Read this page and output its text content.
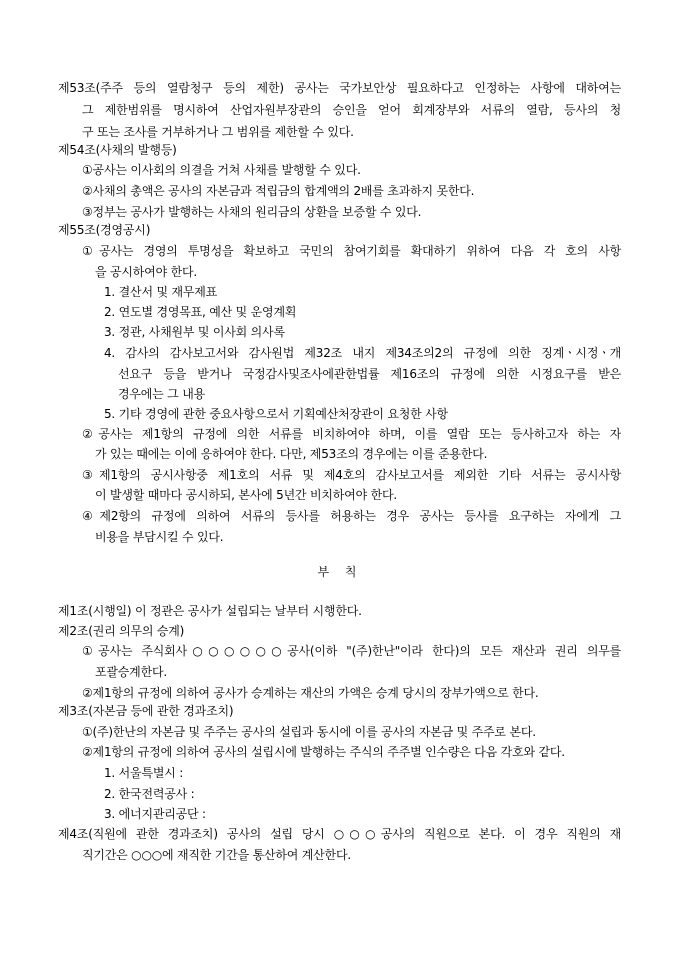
제53조(주주 등의 열람청구 등의 제한) 공사는 국가보안상 필요하다고 인정하는 사항에 대하여는
그 제한범위를 명시하여 산업자원부장관의 승인을 얻어 회계장부와 서류의 열람, 등사의 청
구 또는 조사를 거부하거나 그 범위를 제한할 수 있다.
제54조(사채의 발행등)
①공사는 이사회의 의결을 거쳐 사채를 발행할 수 있다.
②사채의 총액은 공사의 자본금과 적립금의 합계액의 2배를 초과하지 못한다.
③정부는 공사가 발행하는 사채의 원리금의 상환을 보증할 수 있다.
제55조(경영공시)
①공사는 경영의 투명성을 확보하고 국민의 참여기회를 확대하기 위하여 다음 각 호의 사항
을 공시하여야 한다.
1. 결산서 및 재무제표
2. 연도별 경영목표, 예산 및 운영계획
3. 정관, 사채원부 및 이사회 의사록
4. 감사의 감사보고서와 감사원법 제32조 내지 제34조의2의 규정에 의한 징계ㆍ시정ㆍ개
선요구 등을 받거나 국정감사및조사에관한법률 제16조의 규정에 의한 시정요구를 받은
경우에는 그 내용
5. 기타 경영에 관한 중요사항으로서 기획예산처장관이 요청한 사항
②공사는 제1항의 규정에 의한 서류를 비치하여야 하며, 이를 열람 또는 등사하고자 하는 자
가 있는 때에는 이에 응하여야 한다. 다만, 제53조의 경우에는 이를 준용한다.
③제1항의 공시사항중 제1호의 서류 및 제4호의 감사보고서를 제외한 기타 서류는 공시사항
이 발생할 때마다 공시하되, 본사에 5년간 비치하여야 한다.
④제2항의 규정에 의하여 서류의 등사를 허용하는 경우 공사는 등사를 요구하는 자에게 그
비용을 부담시킬 수 있다.
부 칙
제1조(시행일) 이 정관은 공사가 설립되는 날부터 시행한다.
제2조(권리 의무의 승계)
①공사는 주식회사○○○○○○공사(이하 "(주)한난"이라 한다)의 모든 재산과 권리 의무를
포괄승계한다.
②제1항의 규정에 의하여 공사가 승계하는 재산의 가액은 승계 당시의 장부가액으로 한다.
제3조(자본금 등에 관한 경과조치)
①(주)한난의 자본금 및 주주는 공사의 설립과 동시에 이를 공사의 자본금 및 주주로 본다.
②제1항의 규정에 의하여 공사의 설립시에 발행하는 주식의 주주별 인수량은 다음 각호와 같다.
1. 서울특별시 :
2. 한국전력공사 :
3. 에너지관리공단 :
제4조(직원에 관한 경과조치) 공사의 설립 당시 ○○○공사의 직원으로 본다. 이 경우 직원의 재
직기간은 ○○○에 재직한 기간을 통산하여 계산한다.
